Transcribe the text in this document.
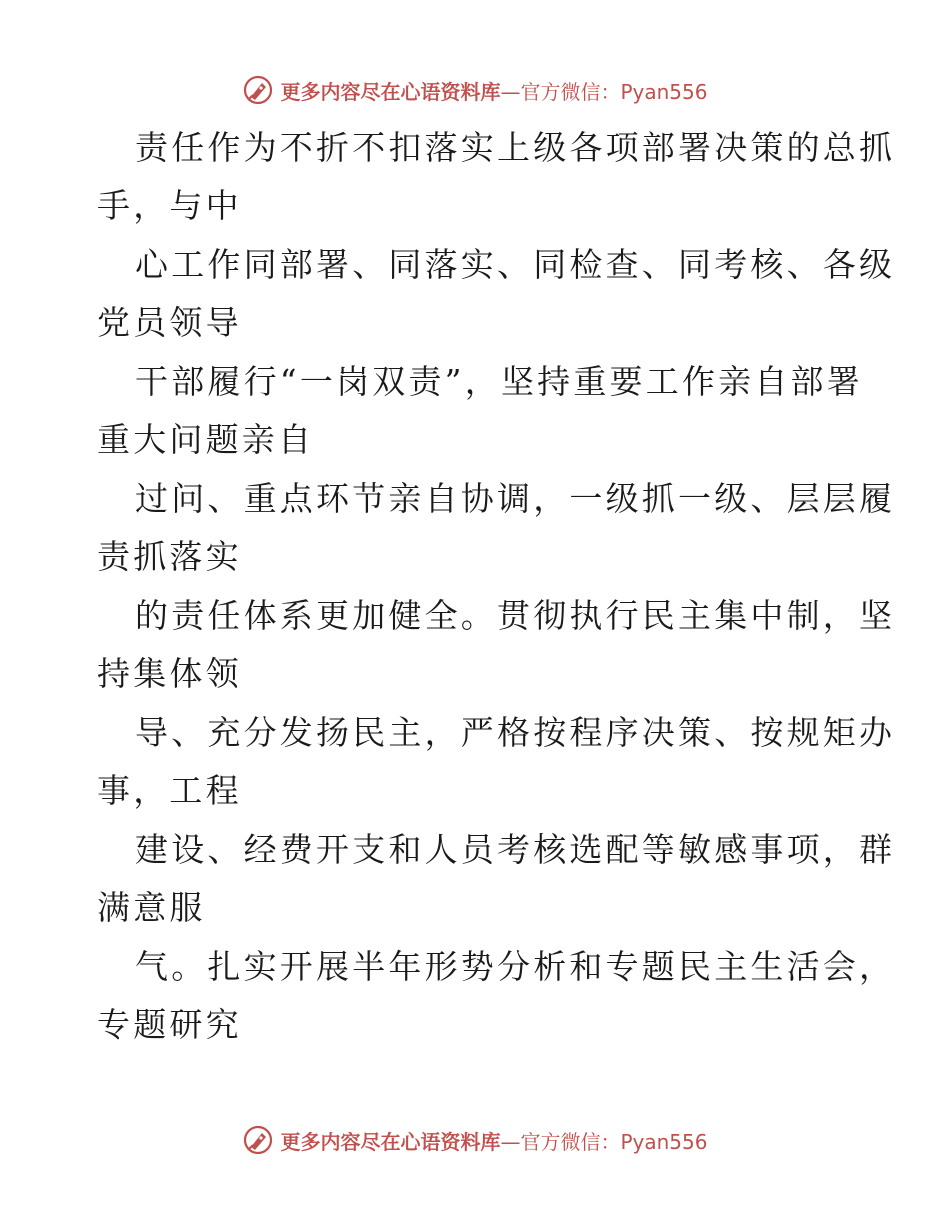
更多内容尽在心语资料库 —官方微信：Pyan556
责任作为不折不扣落实上级各项部署决策的总抓
手，与中
心工作同部署、同落实、同检查、同考核、各级
党员领导
干部履行“一岗双责”，坚持重要工作亲自部署
重大问题亲自
过问、重点环节亲自协调，一级抓一级、层层履
责抓落实
的责任体系更加健全。贯彻执行民主集中制，坚
持集体领
导、充分发扬民主，严格按程序决策、按规矩办
事，工程
建设、经费开支和人员考核选配等敏感事项，群
满意服
气。扎实开展半年形势分析和专题民主生活会，
专题研究
更多内容尽在心语资料库 —官方微信：Pyan556
